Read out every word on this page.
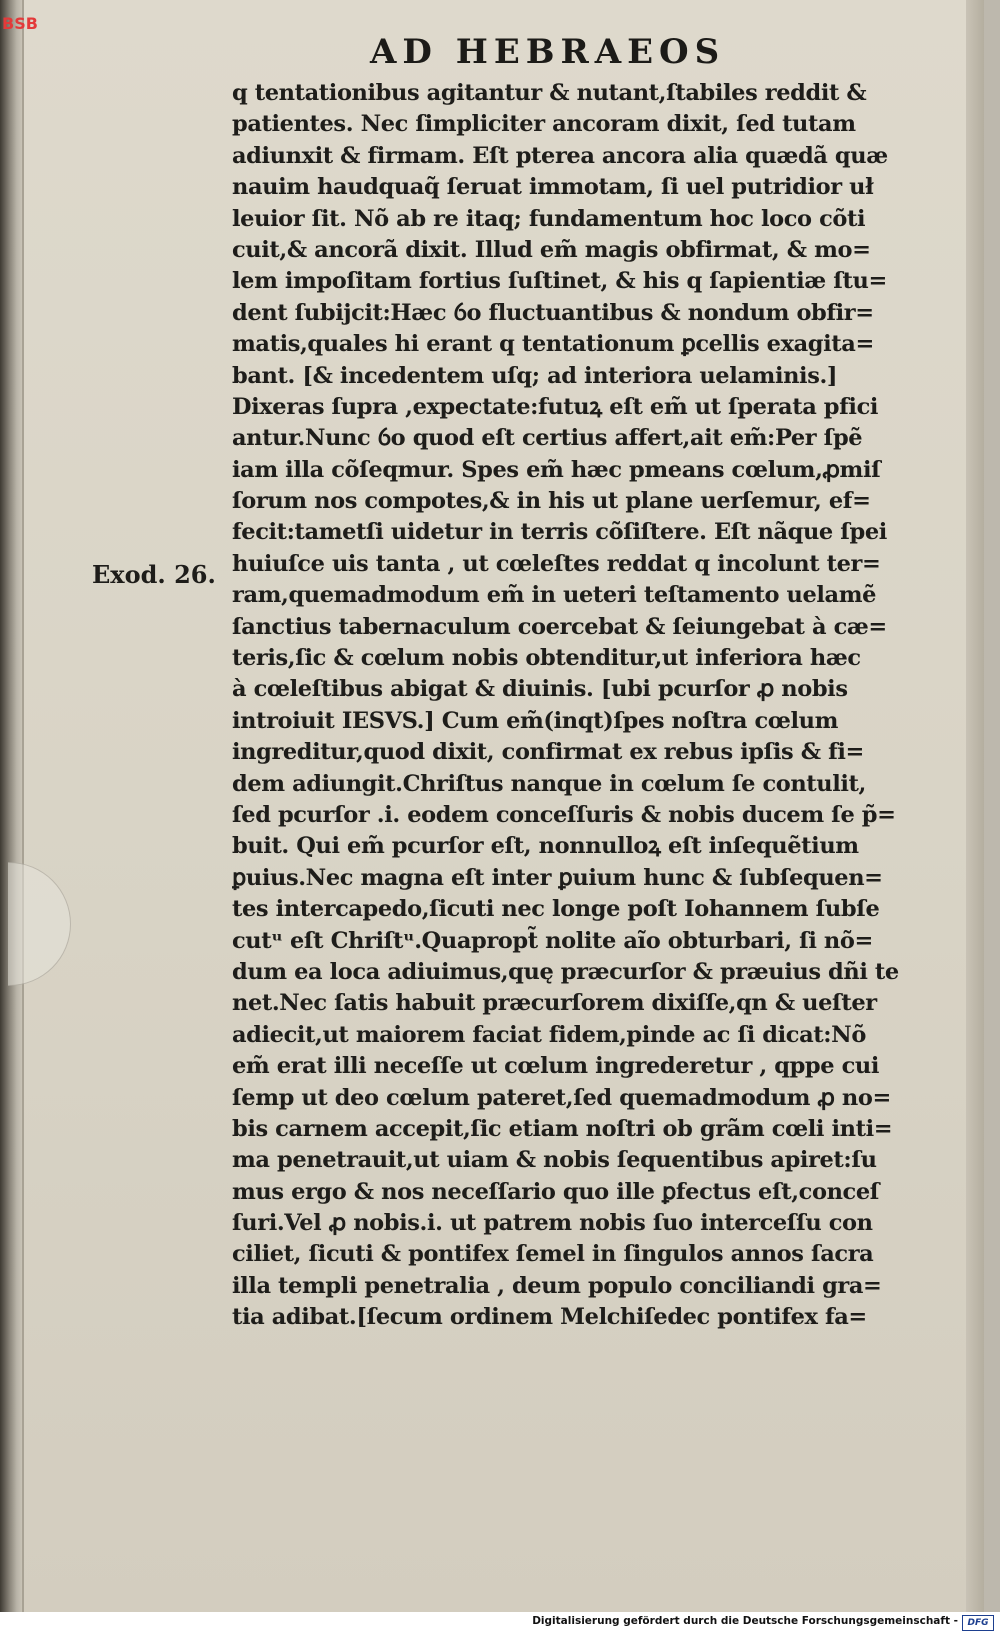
BSB
AD HEBRAEOS
Exod. 26.
q tentationibus agitantur & nutant,ſtabiles reddit &
patientes. Nec ſimpliciter ancoram dixit, ſed tutam
adiunxit & firmam. Eſt pterea ancora alia quædã quæ
nauim haudquaq̃ ſeruat immotam, ſi uel putridior uł
leuior ſit. Nõ ab re itaq; fundamentum hoc loco cõti
cuit,& ancorã dixit. Illud em̃ magis obfirmat, & mo=
lem impoſitam fortius ſuſtinet, & his q ſapientiæ ſtu=
dent ſubijcit:Hæc ỽo fluctuantibus & nondum obfir=
matis,quales hi erant q tentationum ꝑcellis exagita=
bant. [& incedentem uſq; ad interiora uelaminis.]
Dixeras ſupra ,expectate:futuꝝ eſt em̃ ut ſperata pfici
antur.Nunc ỽo quod eſt certius affert,ait em̃:Per ſpẽ
iam illa cõſeqmur. Spes em̃ hæc pmeans cœlum,ꝓmiſ
ſorum nos compotes,& in his ut plane uerſemur, ef=
fecit:tametſi uidetur in terris cõſiſtere. Eſt nãque ſpei
huiuſce uis tanta , ut cœleſtes reddat q incolunt ter=
ram,quemadmodum em̃ in ueteri teſtamento uelamẽ
ſanctius tabernaculum coercebat & ſeiungebat à cæ=
teris,ſic & cœlum nobis obtenditur,ut inferiora hæc
à cœleſtibus abigat & diuinis. [ubi pcurſor ꝓ nobis
introiuit IESVS.] Cum em̃(inqt)ſpes noſtra cœlum
ingreditur,quod dixit, confirmat ex rebus ipſis & fi=
dem adiungit.Chriſtus nanque in cœlum ſe contulit,
ſed pcurſor .i. eodem conceſſuris & nobis ducem ſe p̃=
buit. Qui em̃ pcurſor eſt, nonnulloꝝ eſt inſequẽtium
ꝑuius.Nec magna eſt inter ꝑuium hunc & ſubſequen=
tes intercapedo,ſicuti nec longe poſt Iohannem ſubſe
cutᵘ eſt Chriſtᵘ.Quapropt̃ nolite aĩo obturbari, ſi nõ=
dum ea loca adiuimus,quę præcurſor & præuius dñi te
net.Nec ſatis habuit præcurſorem dixiſſe,qn & ueſter
adiecit,ut maiorem faciat fidem,pinde ac ſi dicat:Nõ
em̃ erat illi neceſſe ut cœlum ingrederetur , qppe cui
ſemp ut deo cœlum pateret,ſed quemadmodum ꝓ no=
bis carnem accepit,ſic etiam noſtri ob grãm cœli inti=
ma penetrauit,ut uiam & nobis ſequentibus apiret:ſu
mus ergo & nos neceſſario quo ille ꝑfectus eſt,conceſ
ſuri.Vel ꝓ nobis.i. ut patrem nobis ſuo interceſſu con
ciliet, ſicuti & pontifex ſemel in ſingulos annos ſacra
illa templi penetralia , deum populo conciliandi gra=
tia adibat.[ſecum ordinem Melchiſedec pontifex fa=
Digitalisierung gefördert durch die Deutsche Forschungsgemeinschaft -	DFG
